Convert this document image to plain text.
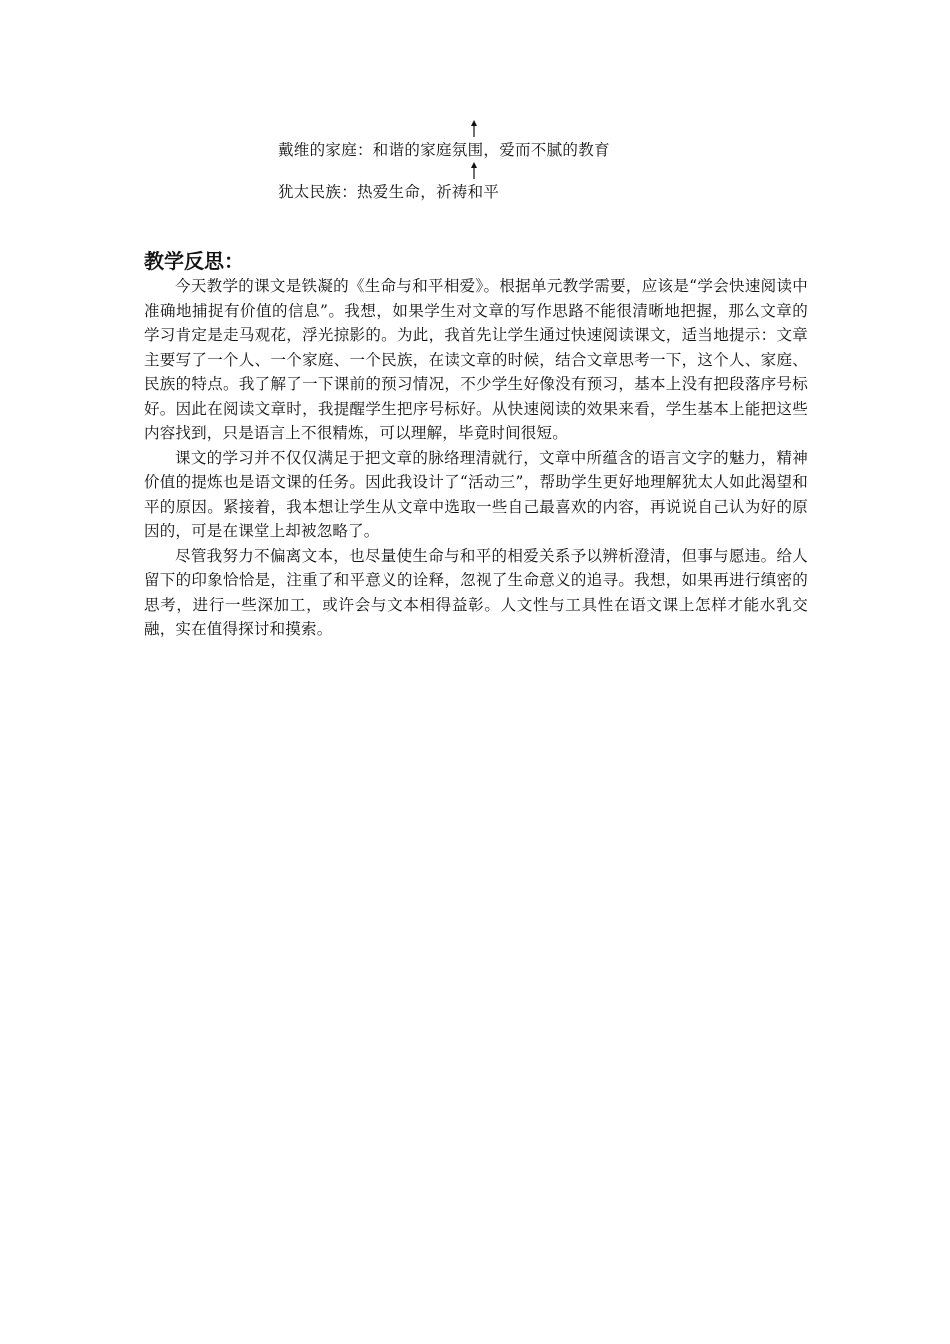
戴维的家庭：和谐的家庭氛围，爱而不腻的教育
犹太民族：热爱生命，祈祷和平
教学反思：

今天教学的课文是铁凝的《生命与和平相爱》。根据单元教学需要，应该是“学会快速阅读中准确地捕捉有价值的信息”。我想，如果学生对文章的写作思路不能很清晰地把握，那么文章的学习肯定是走马观花，浮光掠影的。为此，我首先让学生通过快速阅读课文，适当地提示：文章主要写了一个人、一个家庭、一个民族，在读文章的时候，结合文章思考一下，这个人、家庭、民族的特点。我了解了一下课前的预习情况，不少学生好像没有预习，基本上没有把段落序号标好。因此在阅读文章时，我提醒学生把序号标好。从快速阅读的效果来看，学生基本上能把这些内容找到，只是语言上不很精炼，可以理解，毕竟时间很短。

课文的学习并不仅仅满足于把文章的脉络理清就行，文章中所蕴含的语言文字的魅力，精神价值的提炼也是语文课的任务。因此我设计了“活动三”，帮助学生更好地理解犹太人如此渴望和平的原因。紧接着，我本想让学生从文章中选取一些自己最喜欢的内容，再说说自己认为好的原因的，可是在课堂上却被忽略了。

尽管我努力不偏离文本，也尽量使生命与和平的相爱关系予以辨析澄清，但事与愿违。给人留下的印象恰恰是，注重了和平意义的诠释，忽视了生命意义的追寻。我想，如果再进行缜密的思考，进行一些深加工，或许会与文本相得益彰。人文性与工具性在语文课上怎样才能水乳交融，实在值得探讨和摸索。
